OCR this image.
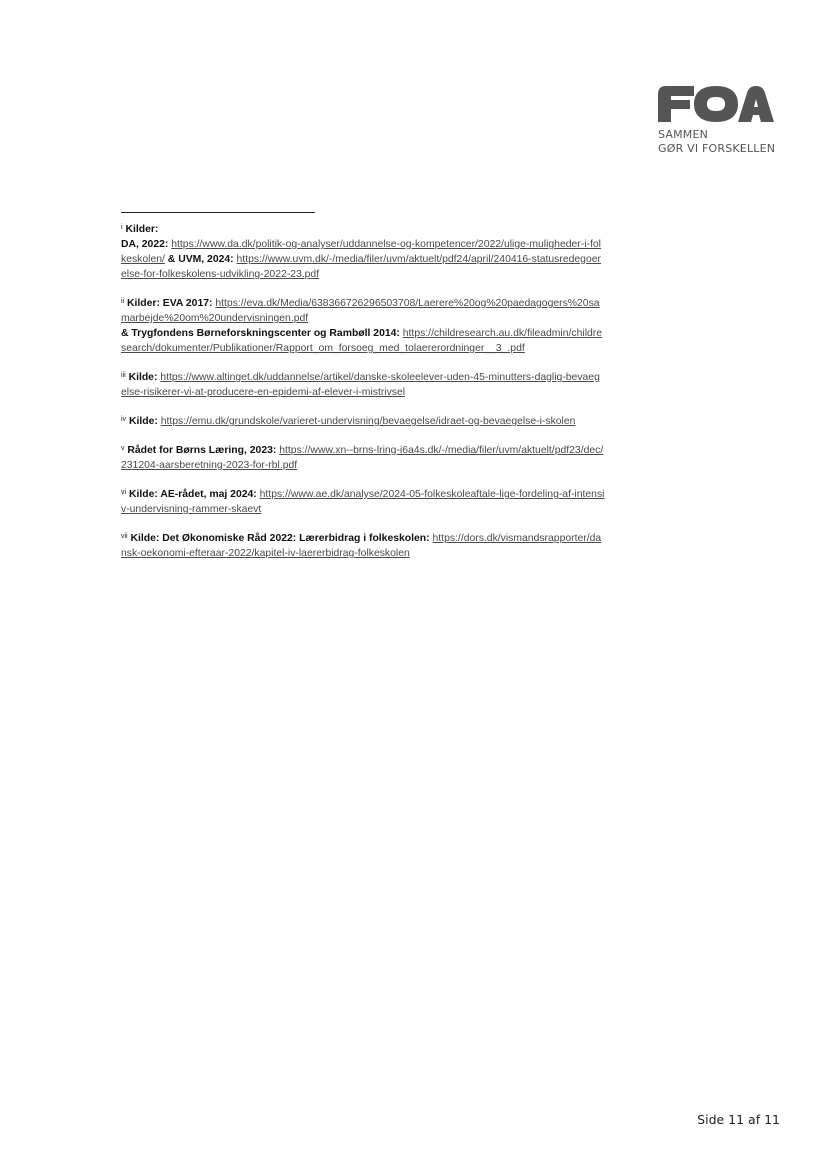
SAMMEN
GØR VI FORSKELLEN

$^i$ Kilder:
DA, 2022: https://www.da.dk/politik-og-analyser/uddannelse-og-kompetencer/2022/ulige-muligheder-i-folkeskolen/ & UVM, 2024: https://www.uvm.dk/-/media/filer/uvm/aktuelt/pdf24/april/240416-statusredegoerelse-for-folkeskolens-udvikling-2022-23.pdf

$^{ii}$ Kilder: EVA 2017: https://eva.dk/Media/638366726296503708/Laerere%20og%20paedagogers%20samarbejde%20om%20undervisningen.pdf
& Trygfondens Børneforskningscenter og Rambøll 2014: https://childresearch.au.dk/fileadmin/childresearch/dokumenter/Publikationer/Rapport_om_forsoeg_med_tolaererordninger__3_.pdf

$^{iii}$ Kilde: https://www.altinget.dk/uddannelse/artikel/danske-skoleelever-uden-45-minutters-daglig-bevaegelse-risikerer-vi-at-producere-en-epidemi-af-elever-i-mistrivsel

$^{iv}$ Kilde: https://emu.dk/grundskole/varieret-undervisning/bevaegelse/idraet-og-bevaegelse-i-skolen

$^v$ Rådet for Børns Læring, 2023: https://www.xn--brns-lring-i6a4s.dk/-/media/filer/uvm/aktuelt/pdf23/dec/231204-aarsberetning-2023-for-rbl.pdf

$^{vi}$ Kilde: AE-rådet, maj 2024: https://www.ae.dk/analyse/2024-05-folkeskoleaftale-lige-fordeling-af-intensiv-undervisning-rammer-skaevt

$^{vii}$ Kilde: Det Økonomiske Råd 2022: Lærerbidrag i folkeskolen: https://dors.dk/vismandsrapporter/dansk-oekonomi-efteraar-2022/kapitel-iv-laererbidrag-folkeskolen

Side 11 af 11
